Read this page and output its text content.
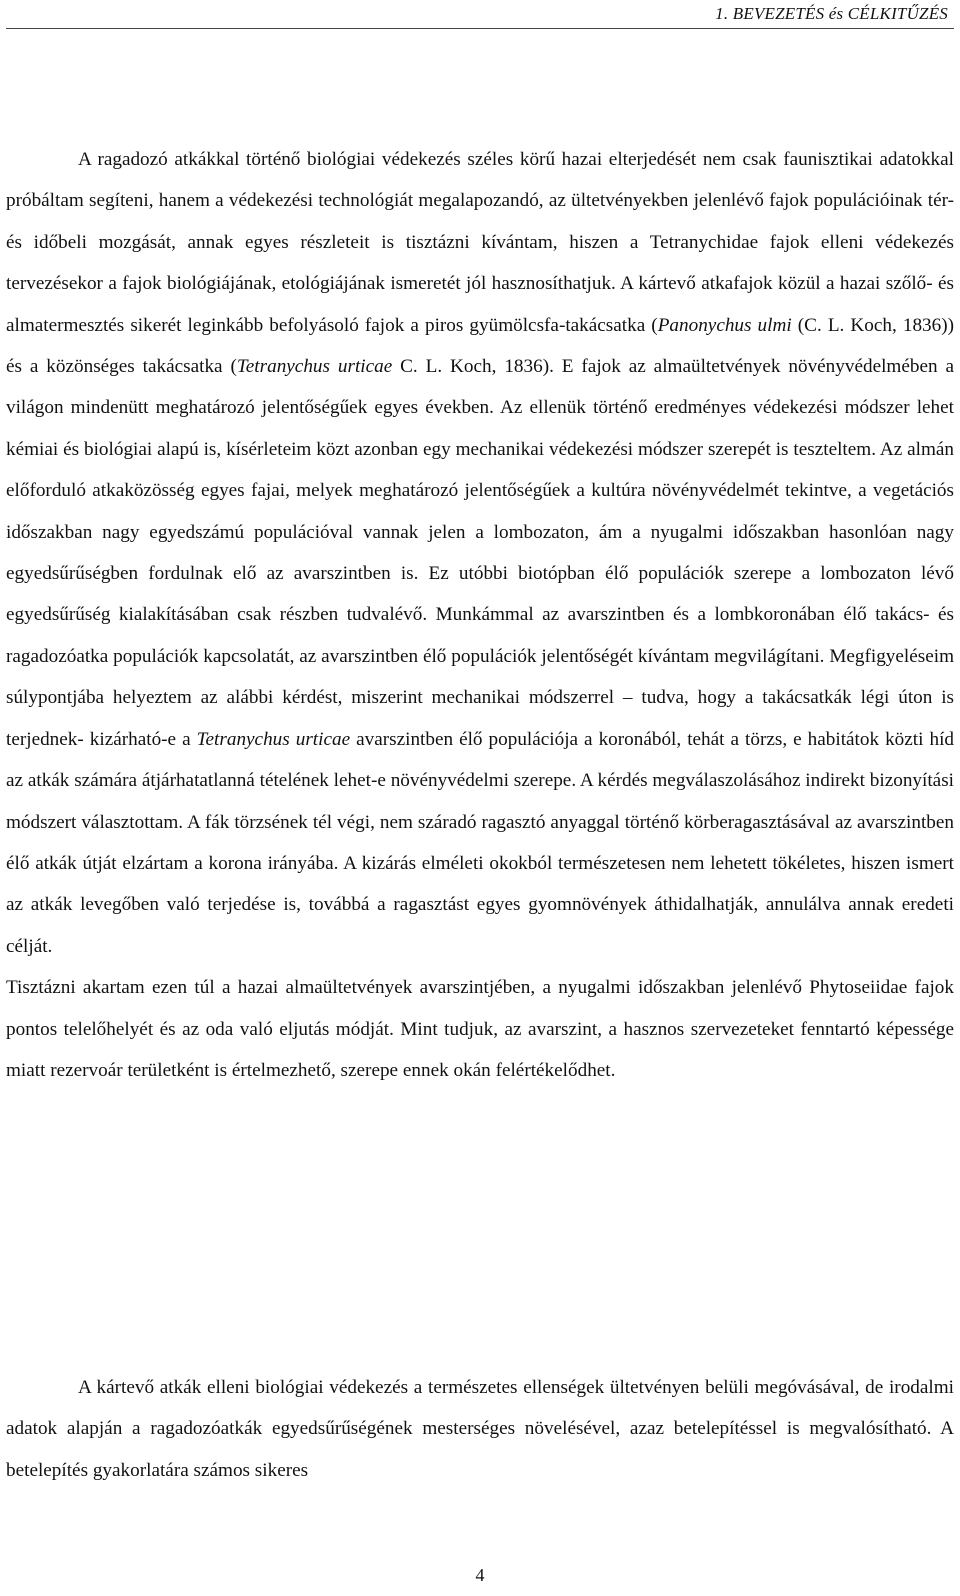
1. BEVEZETÉS és CÉLKITŰZÉS

A ragadozó atkákkal történő biológiai védekezés széles körű hazai elterjedését nem csak faunisztikai adatokkal próbáltam segíteni, hanem a védekezési technológiát megalapozandó, az ültetvényekben jelenlévő fajok populációinak tér- és időbeli mozgását, annak egyes részleteit is tisztázni kívántam, hiszen a Tetranychidae fajok elleni védekezés tervezésekor a fajok biológiájának, etológiájának ismeretét jól hasznosíthatjuk. A kártevő atkafajok közül a hazai szőlő- és almatermesztés sikerét leginkább befolyásoló fajok a piros gyümölcsfa-takácsatka (Panonychus ulmi (C. L. Koch, 1836)) és a közönséges takácsatka (Tetranychus urticae C. L. Koch, 1836). E fajok az almaültetvények növényvédelmében a világon mindenütt meghatározó jelentőségűek egyes években. Az ellenük történő eredményes védekezési módszer lehet kémiai és biológiai alapú is, kísérleteim közt azonban egy mechanikai védekezési módszer szerepét is teszteltem. Az almán előforduló atkaközösség egyes fajai, melyek meghatározó jelentőségűek a kultúra növényvédelmét tekintve, a vegetációs időszakban nagy egyedszámú populációval vannak jelen a lombozaton, ám a nyugalmi időszakban hasonlóan nagy egyedsűrűségben fordulnak elő az avarszintben is. Ez utóbbi biotópban élő populációk szerepe a lombozaton lévő egyedsűrűség kialakításában csak részben tudvalévő. Munkámmal az avarszintben és a lombkoronában élő takács- és ragadozóatka populációk kapcsolatát, az avarszintben élő populációk jelentőségét kívántam megvilágítani. Megfigyeléseim súlypontjába helyeztem az alábbi kérdést, miszerint mechanikai módszerrel – tudva, hogy a takácsatkák légi úton is terjednek- kizárható-e a Tetranychus urticae avarszintben élő populációja a koronából, tehát a törzs, e habitátok közti híd az atkák számára átjárhatatlanná tételének lehet-e növényvédelmi szerepe. A kérdés megválaszolásához indirekt bizonyítási módszert választottam. A fák törzsének tél végi, nem száradó ragasztó anyaggal történő körberagasztásával az avarszintben élő atkák útját elzártam a korona irányába. A kizárás elméleti okokból természetesen nem lehetett tökéletes, hiszen ismert az atkák levegőben való terjedése is, továbbá a ragasztást egyes gyomnövények áthidalhatják, annulálva annak eredeti célját.

Tisztázni akartam ezen túl a hazai almaültetvények avarszintjében, a nyugalmi időszakban jelenlévő Phytoseiidae fajok pontos telelőhelyét és az oda való eljutás módját. Mint tudjuk, az avarszint, a hasznos szervezeteket fenntartó képessége miatt rezervoár területként is értelmezhető, szerepe ennek okán felértékelődhet.

A kártevő atkák elleni biológiai védekezés a természetes ellenségek ültetvényen belüli megóvásával, de irodalmi adatok alapján a ragadozóatkák egyedsűrűségének mesterséges növelésével, azaz betelepítéssel is megvalósítható. A betelepítés gyakorlatára számos sikeres

4
